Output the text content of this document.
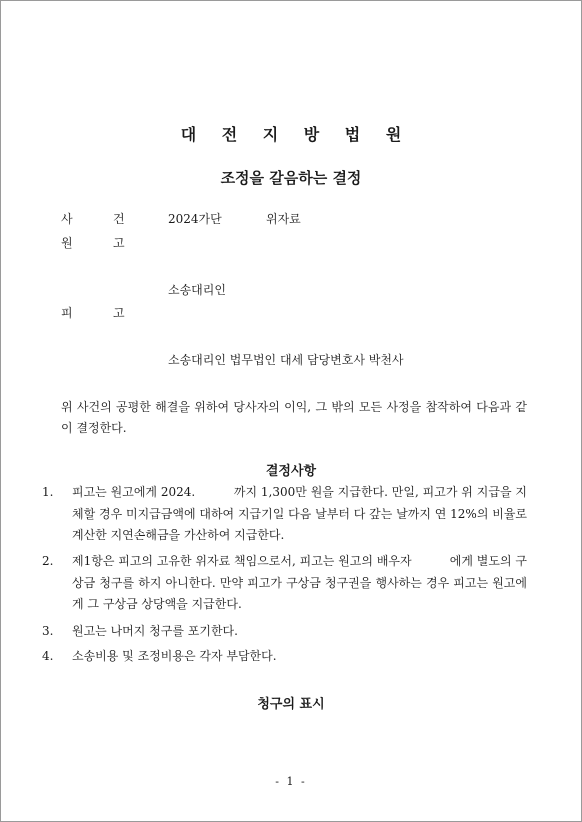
대 전 지 방 법 원
조정을 갈음하는 결정
사	건	2024가단	위자료
원	고
소송대리인
피	고
소송대리인 법무법인 대세 담당변호사 박천사
위 사건의 공평한 해결을 위하여 당사자의 이익, 그 밖의 모든 사정을 참작하여 다음과 같이 결정한다.
결정사항
1. 피고는 원고에게 2024.          까지 1,300만 원을 지급한다. 만일, 피고가 위 지급을 지체할 경우 미지급금액에 대하여 지급기일 다음 날부터 다 갚는 날까지 연 12%의 비율로 계산한 지연손해금을 가산하여 지급한다.
2. 제1항은 피고의 고유한 위자료 책임으로서, 피고는 원고의 배우자          에게 별도의 구상금 청구를 하지 아니한다. 만약 피고가 구상금 청구권을 행사하는 경우 피고는 원고에게 그 구상금 상당액을 지급한다.
3. 원고는 나머지 청구를 포기한다.
4. 소송비용 및 조정비용은 각자 부담한다.
청구의 표시
- 1 -
